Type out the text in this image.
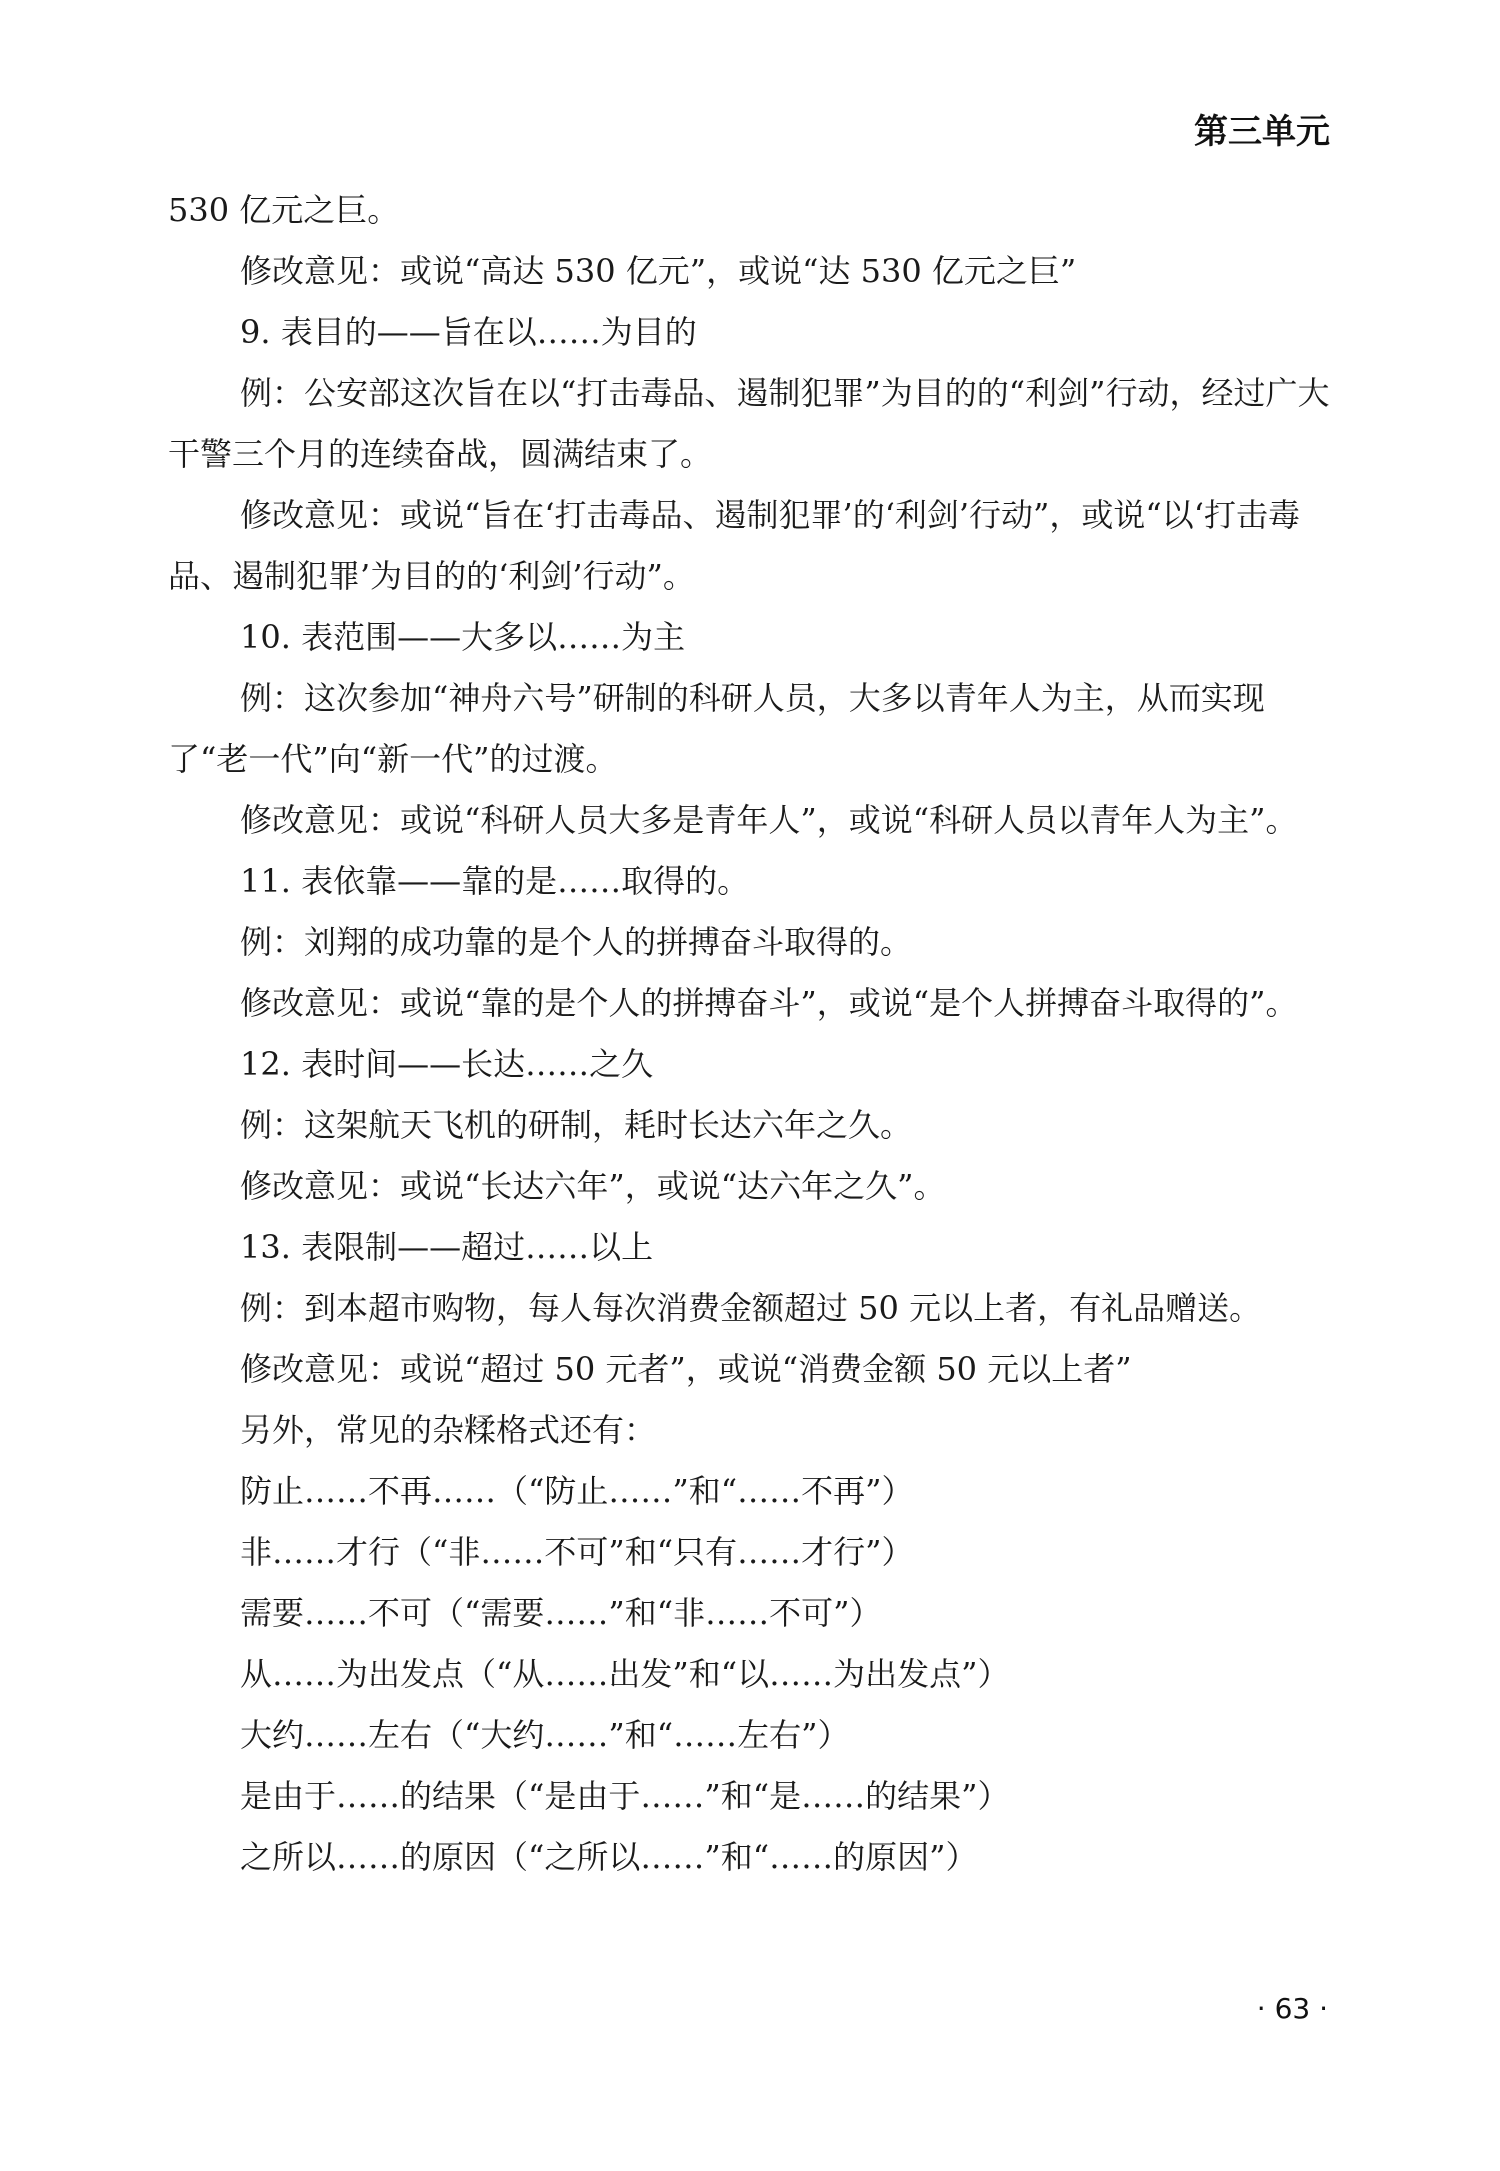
第三单元

530 亿元之巨。

修改意见：或说“高达 530 亿元”，或说“达 530 亿元之巨”

9. 表目的——旨在以……为目的

例：公安部这次旨在以“打击毒品、遏制犯罪”为目的的“利剑”行动，经过广大干警三个月的连续奋战，圆满结束了。

修改意见：或说“旨在‘打击毒品、遏制犯罪’的‘利剑’行动”，或说“以‘打击毒品、遏制犯罪’为目的的‘利剑’行动”。

10. 表范围——大多以……为主

例：这次参加“神舟六号”研制的科研人员，大多以青年人为主，从而实现了“老一代”向“新一代”的过渡。

修改意见：或说“科研人员大多是青年人”，或说“科研人员以青年人为主”。

11. 表依靠——靠的是……取得的。

例：刘翔的成功靠的是个人的拼搏奋斗取得的。

修改意见：或说“靠的是个人的拼搏奋斗”，或说“是个人拼搏奋斗取得的”。

12. 表时间——长达……之久

例：这架航天飞机的研制，耗时长达六年之久。

修改意见：或说“长达六年”，或说“达六年之久”。

13. 表限制——超过……以上

例：到本超市购物，每人每次消费金额超过 50 元以上者，有礼品赠送。

修改意见：或说“超过 50 元者”，或说“消费金额 50 元以上者”

另外，常见的杂糅格式还有：

防止……不再……（“防止……”和“……不再”）

非……才行（“非……不可”和“只有……才行”）

需要……不可（“需要……”和“非……不可”）

从……为出发点（“从……出发”和“以……为出发点”）

大约……左右（“大约……”和“……左右”）

是由于……的结果（“是由于……”和“是……的结果”）

之所以……的原因（“之所以……”和“……的原因”）

· 63 ·
